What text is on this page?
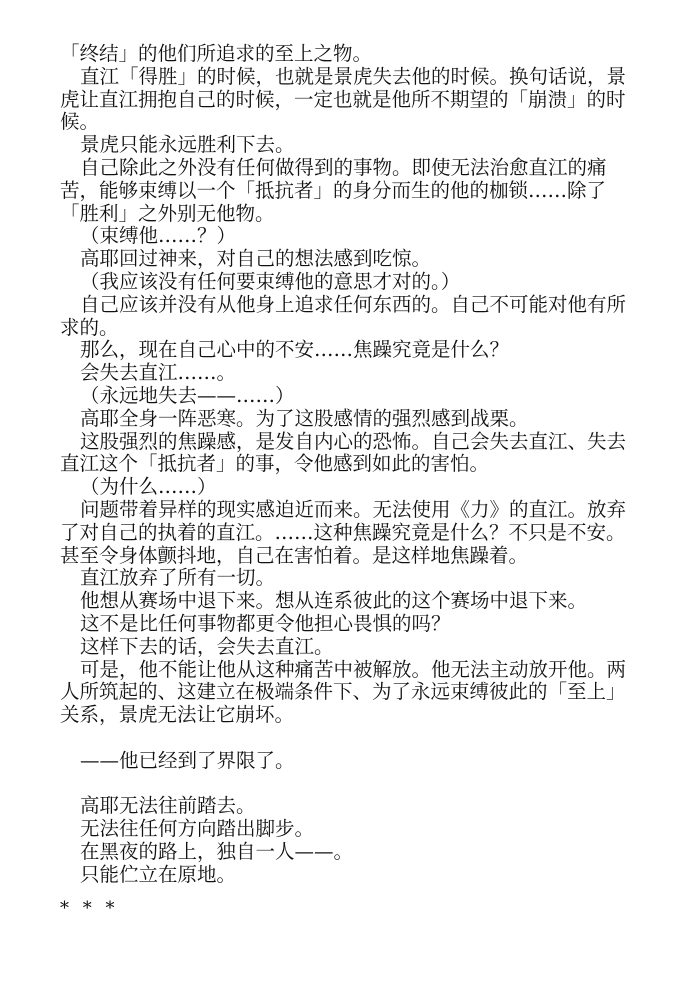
「终结」的他们所追求的至上之物。
直江「得胜」的时候，也就是景虎失去他的时候。换句话说，景
虎让直江拥抱自己的时候，一定也就是他所不期望的「崩溃」的时
候。
景虎只能永远胜利下去。
自己除此之外没有任何做得到的事物。即使无法治愈直江的痛
苦，能够束缚以一个「抵抗者」的身分而生的他的枷锁……除了
「胜利」之外别无他物。
（束缚他……？）
高耶回过神来，对自己的想法感到吃惊。
（我应该没有任何要束缚他的意思才对的。）
自己应该并没有从他身上追求任何东西的。自己不可能对他有所
求的。
那么，现在自己心中的不安……焦躁究竟是什么？
会失去直江……。
（永远地失去——……）
高耶全身一阵恶寒。为了这股感情的强烈感到战栗。
这股强烈的焦躁感，是发自内心的恐怖。自己会失去直江、失去
直江这个「抵抗者」的事，令他感到如此的害怕。
（为什么……）
问题带着异样的现实感迫近而来。无法使用《力》的直江。放弃
了对自己的执着的直江。……这种焦躁究竟是什么？不只是不安。
甚至令身体颤抖地，自己在害怕着。是这样地焦躁着。
直江放弃了所有一切。
他想从赛场中退下来。想从连系彼此的这个赛场中退下来。
这不是比任何事物都更令他担心畏惧的吗？
这样下去的话，会失去直江。
可是，他不能让他从这种痛苦中被解放。他无法主动放开他。两
人所筑起的、这建立在极端条件下、为了永远束缚彼此的「至上」
关系，景虎无法让它崩坏。
——他已经到了界限了。
高耶无法往前踏去。
无法往任何方向踏出脚步。
在黑夜的路上，独自一人——。
只能伫立在原地。
* * *
